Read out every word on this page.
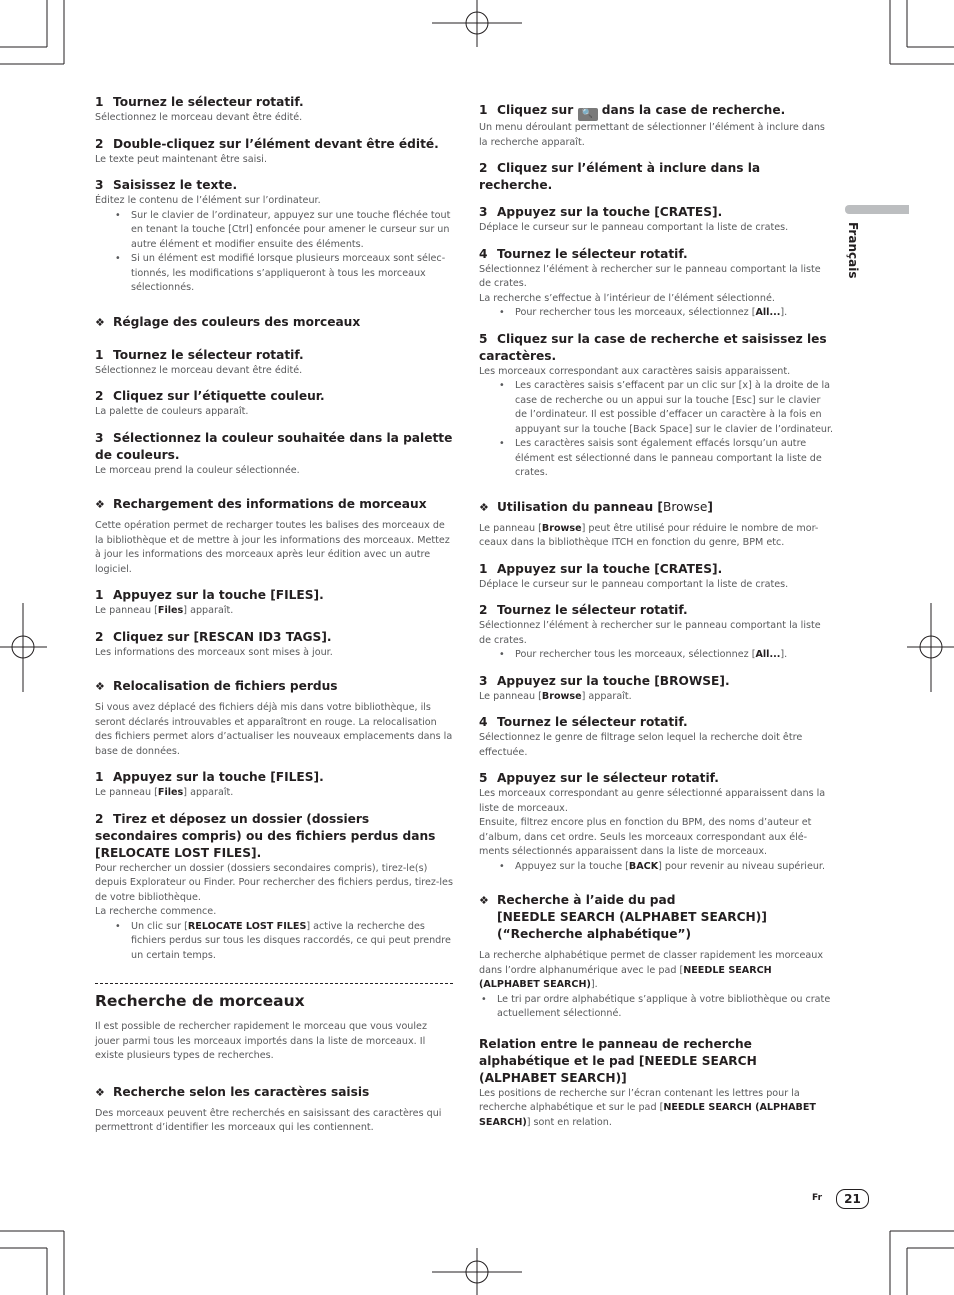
Français
1 Tournez le sélecteur rotatif.
Sélectionnez le morceau devant être édité.
2 Double-cliquez sur l’élément devant être édité.
Le texte peut maintenant être saisi.
3 Saisissez le texte.
Éditez le contenu de l’élément sur l’ordinateur.
• Sur le clavier de l’ordinateur, appuyez sur une touche fléchée tout en tenant la touche [Ctrl] enfoncée pour amener le curseur sur un autre élément et modifier ensuite des éléments.
• Si un élément est modifié lorsque plusieurs morceaux sont sélec-tionnés, les modifications s’appliqueront à tous les morceaux sélectionnés.
❖ Réglage des couleurs des morceaux
1 Tournez le sélecteur rotatif.
Sélectionnez le morceau devant être édité.
2 Cliquez sur l’étiquette couleur.
La palette de couleurs apparaît.
3 Sélectionnez la couleur souhaitée dans la palette de couleurs.
Le morceau prend la couleur sélectionnée.
❖ Rechargement des informations de morceaux
Cette opération permet de recharger toutes les balises des morceaux de la bibliothèque et de mettre à jour les informations des morceaux. Mettez à jour les informations des morceaux après leur édition avec un autre logiciel.
1 Appuyez sur la touche [FILES].
Le panneau [Files] apparaît.
2 Cliquez sur [RESCAN ID3 TAGS].
Les informations des morceaux sont mises à jour.
❖ Relocalisation de fichiers perdus
Si vous avez déplacé des fichiers déjà mis dans votre bibliothèque, ils seront déclarés introuvables et apparaîtront en rouge. La relocalisation des fichiers permet alors d’actualiser les nouveaux emplacements dans la base de données.
1 Appuyez sur la touche [FILES].
Le panneau [Files] apparaît.
2 Tirez et déposez un dossier (dossiers secondaires compris) ou des fichiers perdus dans [RELOCATE LOST FILES].
Pour rechercher un dossier (dossiers secondaires compris), tirez-le(s) depuis Explorateur ou Finder. Pour rechercher des fichiers perdus, tirez-les de votre bibliothèque.
La recherche commence.
• Un clic sur [RELOCATE LOST FILES] active la recherche des fichiers perdus sur tous les disques raccordés, ce qui peut prendre un certain temps.
Recherche de morceaux
Il est possible de rechercher rapidement le morceau que vous voulez jouer parmi tous les morceaux importés dans la liste de morceaux. Il existe plusieurs types de recherches.
❖ Recherche selon les caractères saisis
Des morceaux peuvent être recherchés en saisissant des caractères qui permettront d’identifier les morceaux qui les contiennent.
1 Cliquez sur 🔍 dans la case de recherche.
Un menu déroulant permettant de sélectionner l’élément à inclure dans la recherche apparaît.
2 Cliquez sur l’élément à inclure dans la recherche.
3 Appuyez sur la touche [CRATES].
Déplace le curseur sur le panneau comportant la liste de crates.
4 Tournez le sélecteur rotatif.
Sélectionnez l’élément à rechercher sur le panneau comportant la liste de crates.
La recherche s’effectue à l’intérieur de l’élément sélectionné.
• Pour rechercher tous les morceaux, sélectionnez [All...].
5 Cliquez sur la case de recherche et saisissez les caractères.
Les morceaux correspondant aux caractères saisis apparaissent.
• Les caractères saisis s’effacent par un clic sur [x] à la droite de la case de recherche ou un appui sur la touche [Esc] sur le clavier de l’ordinateur. Il est possible d’effacer un caractère à la fois en appuyant sur la touche [Back Space] sur le clavier de l’ordinateur.
• Les caractères saisis sont également effacés lorsqu’un autre élément est sélectionné dans le panneau comportant la liste de crates.
❖ Utilisation du panneau [Browse]
Le panneau [Browse] peut être utilisé pour réduire le nombre de mor-ceaux dans la bibliothèque ITCH en fonction du genre, BPM etc.
1 Appuyez sur la touche [CRATES].
Déplace le curseur sur le panneau comportant la liste de crates.
2 Tournez le sélecteur rotatif.
Sélectionnez l’élément à rechercher sur le panneau comportant la liste de crates.
• Pour rechercher tous les morceaux, sélectionnez [All...].
3 Appuyez sur la touche [BROWSE].
Le panneau [Browse] apparaît.
4 Tournez le sélecteur rotatif.
Sélectionnez le genre de filtrage selon lequel la recherche doit être effectuée.
5 Appuyez sur le sélecteur rotatif.
Les morceaux correspondant au genre sélectionné apparaissent dans la liste de morceaux.
Ensuite, filtrez encore plus en fonction du BPM, des noms d’auteur et d’album, dans cet ordre. Seuls les morceaux correspondant aux élé-ments sélectionnés apparaissent dans la liste de morceaux.
• Appuyez sur la touche [BACK] pour revenir au niveau supérieur.
❖ Recherche à l’aide du pad
[NEEDLE SEARCH (ALPHABET SEARCH)] (“Recherche alphabétique”)
La recherche alphabétique permet de classer rapidement les morceaux dans l’ordre alphanumérique avec le pad [NEEDLE SEARCH (ALPHABET SEARCH)].
• Le tri par ordre alphabétique s’applique à votre bibliothèque ou crate actuellement sélectionné.
Relation entre le panneau de recherche alphabétique et le pad [NEEDLE SEARCH (ALPHABET SEARCH)]
Les positions de recherche sur l’écran contenant les lettres pour la recherche alphabétique et sur le pad [NEEDLE SEARCH (ALPHABET SEARCH)] sont en relation.
Fr	21
